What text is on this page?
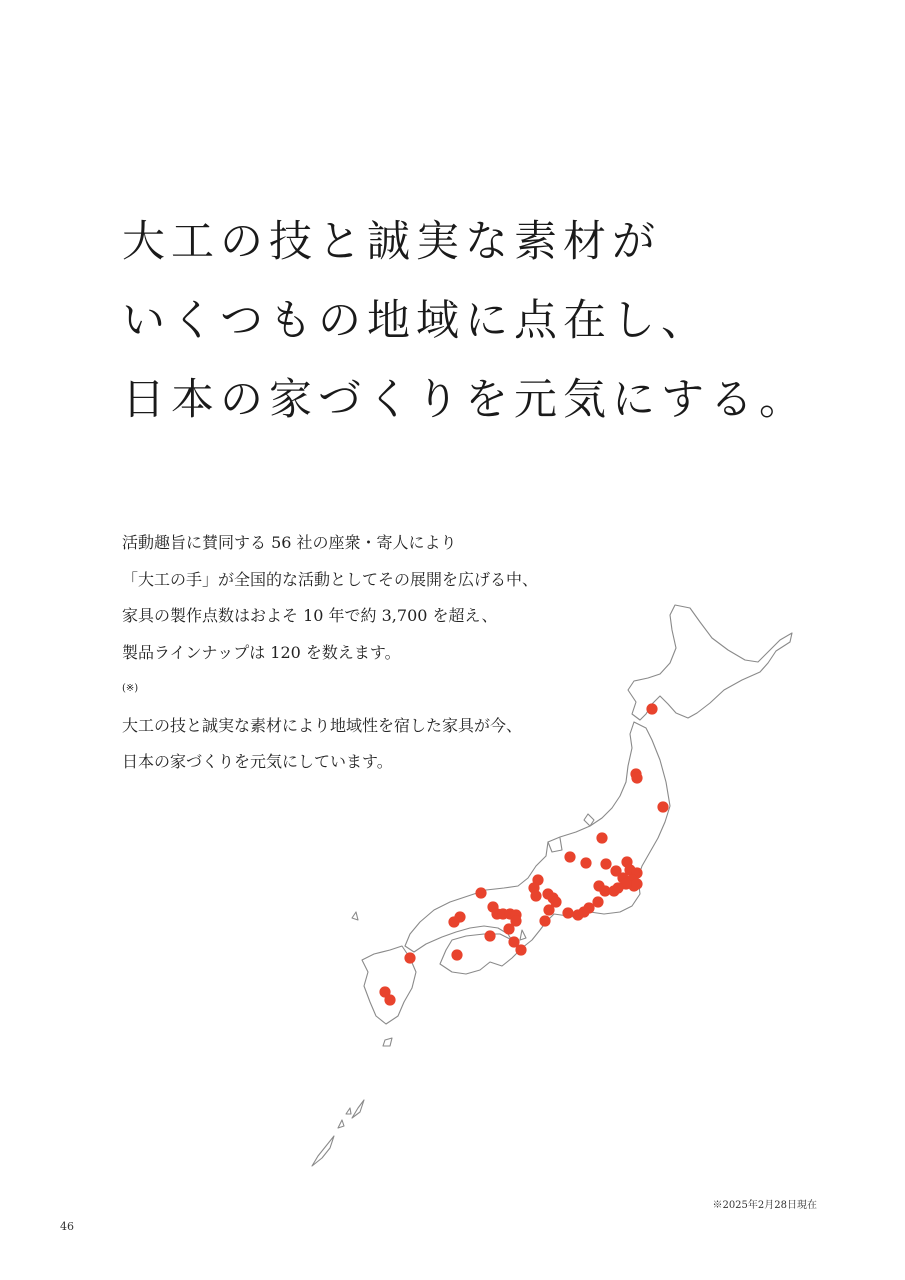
大工の技と誠実な素材が
いくつもの地域に点在し、
日本の家づくりを元気にする。

活動趣旨に賛同する 56 社の座衆・寄人により
「大工の手」が全国的な活動としてその展開を広げる中、
家具の製作点数はおよそ 10 年で約 3,700 を超え、
製品ラインナップは 120 を数えます。
(※)
大工の技と誠実な素材により地域性を宿した家具が今、
日本の家づくりを元気にしています。

※2025年2月28日現在
46
